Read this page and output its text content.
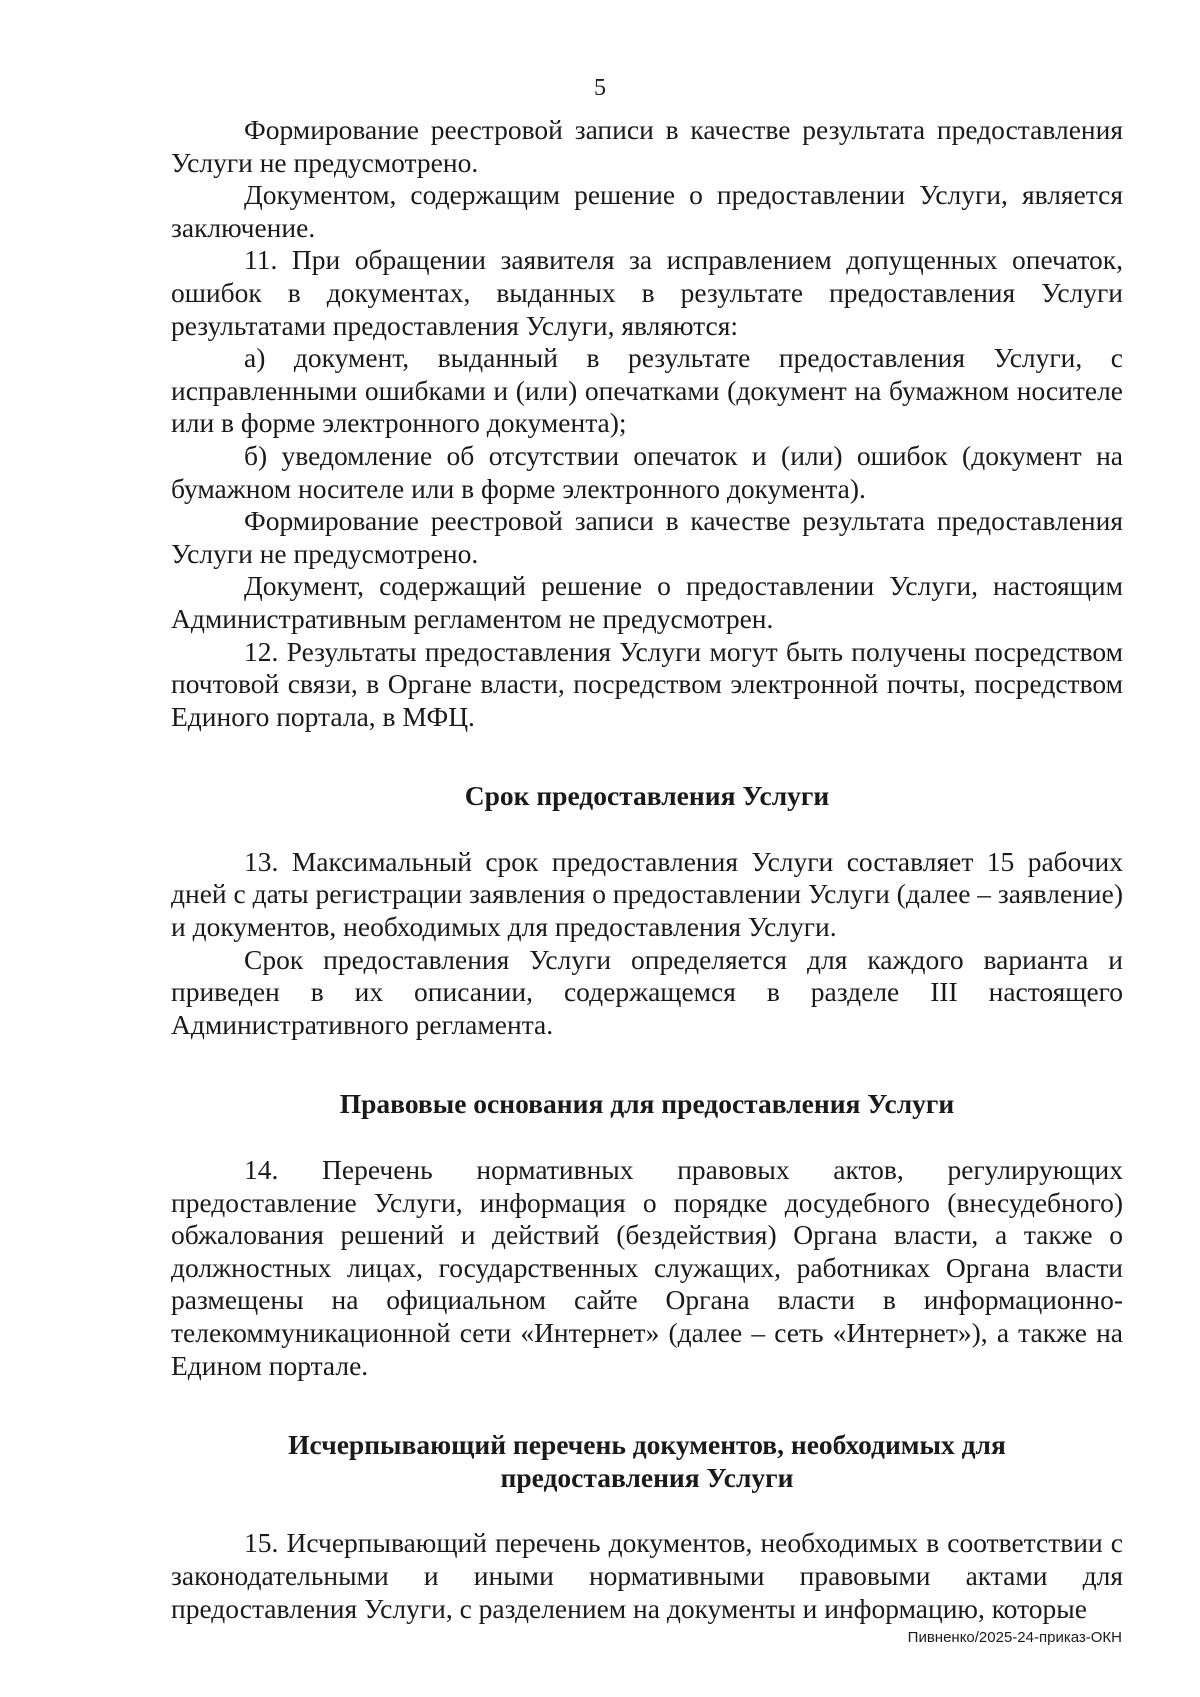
5

Формирование реестровой записи в качестве результата предоставления Услуги не предусмотрено.

Документом, содержащим решение о предоставлении Услуги, является заключение.

11. При обращении заявителя за исправлением допущенных опечаток, ошибок в документах, выданных в результате предоставления Услуги результатами предоставления Услуги, являются:

а) документ, выданный в результате предоставления Услуги, с исправленными ошибками и (или) опечатками (документ на бумажном носителе или в форме электронного документа);

б) уведомление об отсутствии опечаток и (или) ошибок (документ на бумажном носителе или в форме электронного документа).

Формирование реестровой записи в качестве результата предоставления Услуги не предусмотрено.

Документ, содержащий решение о предоставлении Услуги, настоящим Административным регламентом не предусмотрен.

12. Результаты предоставления Услуги могут быть получены посредством почтовой связи, в Органе власти, посредством электронной почты, посредством Единого портала, в МФЦ.

Срок предоставления Услуги

13. Максимальный срок предоставления Услуги составляет 15 рабочих дней с даты регистрации заявления о предоставлении Услуги (далее – заявление) и документов, необходимых для предоставления Услуги.

Срок предоставления Услуги определяется для каждого варианта и приведен в их описании, содержащемся в разделе III настоящего Административного регламента.

Правовые основания для предоставления Услуги

14. Перечень нормативных правовых актов, регулирующих предоставление Услуги, информация о порядке досудебного (внесудебного) обжалования решений и действий (бездействия) Органа власти, а также о должностных лицах, государственных служащих, работниках Органа власти размещены на официальном сайте Органа власти в информационно-телекоммуникационной сети «Интернет» (далее – сеть «Интернет»), а также на Едином портале.

Исчерпывающий перечень документов, необходимых для
предоставления Услуги

15. Исчерпывающий перечень документов, необходимых в соответствии с законодательными и иными нормативными правовыми актами для предоставления Услуги, с разделением на документы и информацию, которые

Пивненко/2025-24-приказ-ОКН
